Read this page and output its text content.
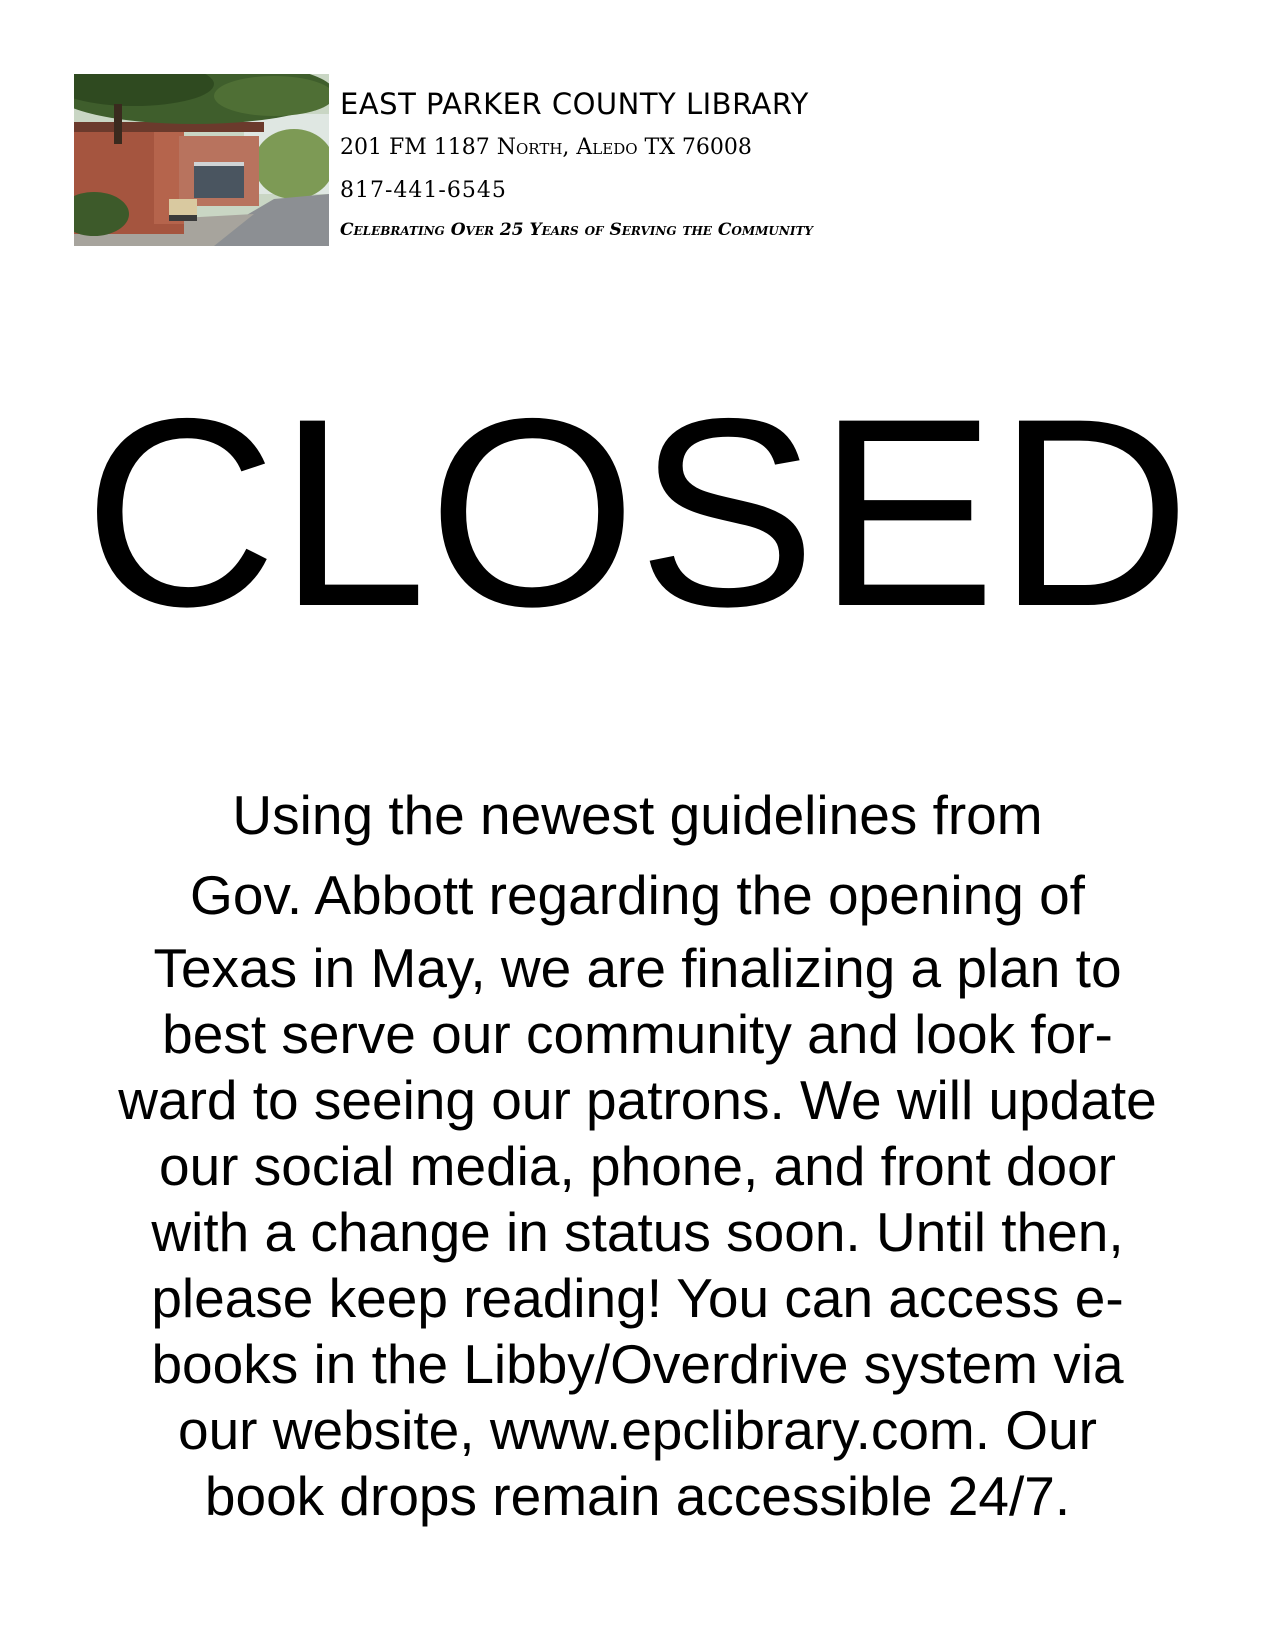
EAST PARKER COUNTY LIBRARY
201 FM 1187 North, Aledo TX 76008
817-441-6545
Celebrating Over 25 Years of Serving the Community
CLOSED
Using the newest guidelines from
Gov. Abbott regarding the opening of
Texas in May, we are finalizing a plan to
best serve our community and look for-
ward to seeing our patrons. We will update
our social media, phone, and front door
with a change in status soon. Until then,
please keep reading! You can access e-
books in the Libby/Overdrive system via
our website, www.epclibrary.com. Our
book drops remain accessible 24/7.
